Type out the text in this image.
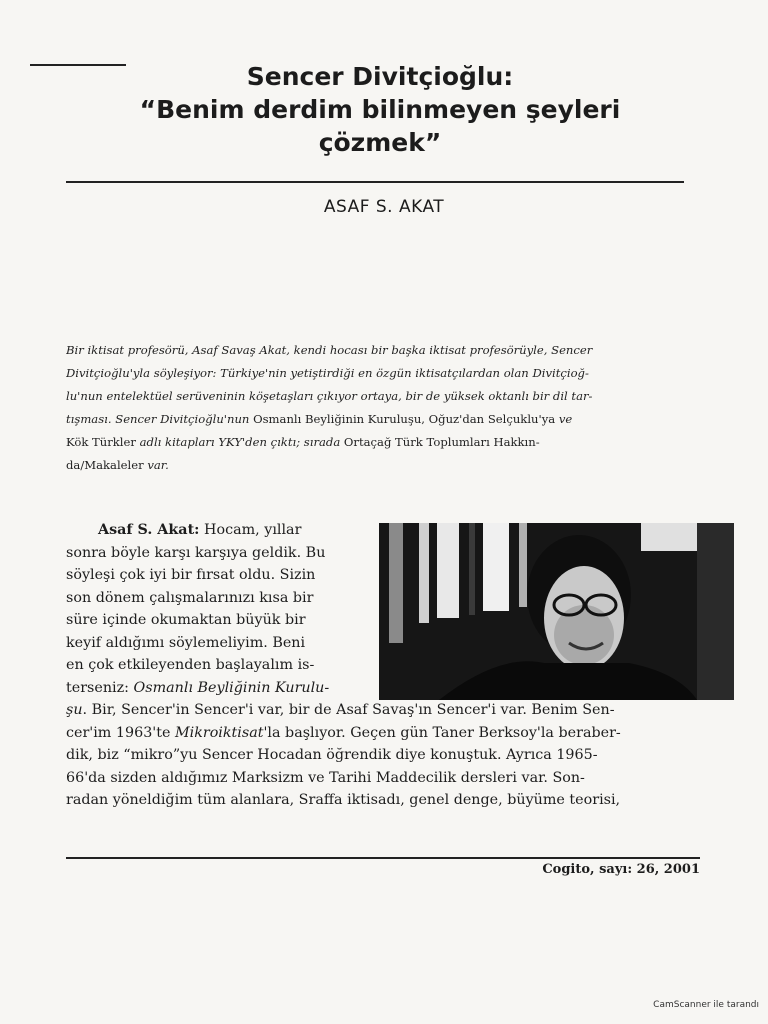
Sencer Divitçioğlu:
“Benim derdim bilinmeyen şeyleri
çözmek”
ASAF S. AKAT
Bir iktisat profesörü, Asaf Savaş Akat, kendi hocası bir başka iktisat profesörüyle, Sencer
Divitçioğlu'yla söyleşiyor: Türkiye'nin yetiştirdiği en özgün iktisatçılardan olan Divitçioğ-
lu'nun entelektüel serüveninin köşetaşları çıkıyor ortaya, bir de yüksek oktanlı bir dil tar-
tışması. Sencer Divitçioğlu'nun Osmanlı Beyliğinin Kuruluşu, Oğuz'dan Selçuklu'ya ve
Kök Türkler adlı kitapları YKY'den çıktı; sırada Ortaçağ Türk Toplumları Hakkın-
da/Makaleler var.
Asaf S. Akat: Hocam, yıllar
sonra böyle karşı karşıya geldik. Bu
söyleşi çok iyi bir fırsat oldu. Sizin
son dönem çalışmalarınızı kısa bir
süre içinde okumaktan büyük bir
keyif aldığımı söylemeliyim. Beni
en çok etkileyenden başlayalım is-
terseniz: Osmanlı Beyliğinin Kurulu-
şu. Bir, Sencer'in Sencer'i var, bir de Asaf Savaş'ın Sencer'i var. Benim Sen-
cer'im 1963'te Mikroiktisat'la başlıyor. Geçen gün Taner Berksoy'la beraber-
dik, biz “mikro”yu Sencer Hocadan öğrendik diye konuştuk. Ayrıca 1965-
66'da sizden aldığımız Marksizm ve Tarihi Maddecilik dersleri var. Son-
radan yöneldiğim tüm alanlara, Sraffa iktisadı, genel denge, büyüme teorisi,
Cogito, sayı: 26, 2001
CamScanner ile tarandı
